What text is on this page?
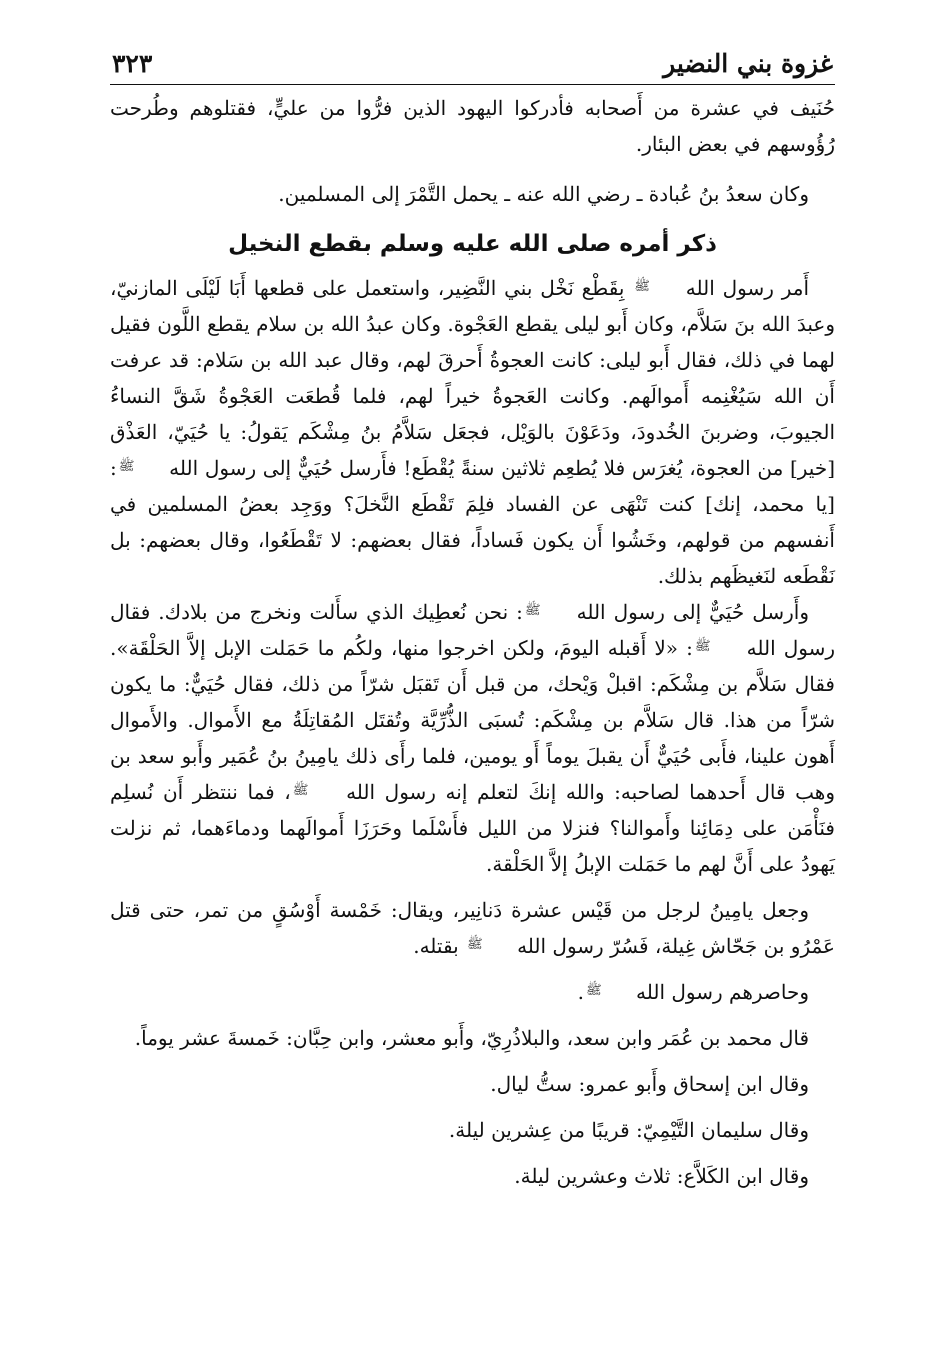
غزوة بني النضير
٣٢٣

حُنَيف في عشرة من أَصحابه فأدركوا اليهود الذين فرُّوا من عليٍّ، فقتلوهم وطُرحت رُؤُوسهم في بعض البئار.

وكان سعدُ بنُ عُبادة ـ رضي الله عنه ـ يحمل التَّمْرَ إلى المسلمين.

ذكر أمره صلى الله عليه وسلم بقطع النخيل

أَمر رسول الله ﷺ بِقَطْع نَخْل بني النَّضِير، واستعمل على قطعها أَبَا لَيْلَى المازنيّ، وعبدَ الله بنَ سَلاَّم، وكان أَبو ليلى يقطع العَجْوة. وكان عبدُ الله بن سلام يقطع اللَّون فقيل لهما في ذلك، فقال أَبو ليلى: كانت العجوةُ أَحرقَ لهم، وقال عبد الله بن سَلام: قد عرفت أَن الله سَيُغْنِمه أَموالَهم. وكانت العَجوةُ خيراً لهم، فلما قُطعَت العَجْوةُ شَقَّ النساءُ الجيوبَ، وضربنَ الخُدودَ، ودَعَوْنَ بالوَيْل، فجعَل سَلاَّمُ بنُ مِشْكَم يَقولُ: يا حُيَيّ، العَذْق [خير] من العجوة، يُغرَس فلا يُطعِم ثلاثين سنةً يُقْطَع! فأَرسل حُيَيٌّ إلى رسول الله ﷺ: [يا محمد، إنك] كنت تَنْهَى عن الفساد فلِمَ تَقْطَع النَّخلَ؟ ووَجِد بعضُ المسلمين في أَنفسهم من قولهم، وخَشُوا أَن يكون فَساداً، فقال بعضهم: لا تَقْطَعُوا، وقال بعضهم: بل نَقْطَعه لنَغيظَهم بذلك.

وأَرسل حُيَيٌّ إلى رسول الله ﷺ: نحن نُعطِيك الذي سأَلت ونخرج من بلادك. فقال رسول الله ﷺ: «لا أَقبله اليومَ، ولكن اخرجوا منها، ولكُم ما حَمَلت الإبل إلاَّ الحَلْقَة». فقال سَلاَّم بن مِشْكَم: اقبلْ وَيْحك، من قبل أَن تَقبَل شرّاً من ذلك، فقال حُيَيٌّ: ما يكون شرّاً من هذا. قال سَلاَّم بن مِشْكَم: تُسبَى الذُّرِّيَّة وتُقتَل المُقاتِلَةُ مع الأَموال. والأَموال أَهون علينا، فأَبى حُيَيٌّ أَن يقبلَ يوماً أَو يومين، فلما رأَى ذلك يامِينُ بنُ عُمَير وأَبو سعد بن وهب قال أَحدهما لصاحبه: والله إنكَ لتعلم إنه رسول الله ﷺ، فما ننتظر أَن نُسلِم فنَأْمَن على دِمَائِنا وأَموالنا؟ فنزلا من الليل فأَسْلَما وحَرَزَا أَموالَهما ودماءَهما، ثم نزلت يَهودُ على أَنَّ لهم ما حَمَلت الإبلُ إلاَّ الحَلْقة.

وجعل يامِينُ لرجل من قَيْس عشرة دَنانِير، ويقال: خَمْسة أَوْسُقٍ من تمر، حتى قتل عَمْرُو بن جَحّاش غِيلة، فَسُرّ رسول الله ﷺ بقتله.

وحاصرهم رسول الله ﷺ.

قال محمد بن عُمَر وابن سعد، والبلاذُرِيّ، وأَبو معشر، وابن حِبَّان: خَمسةَ عشر يوماً.

وقال ابن إسحاق وأَبو عمرو: ستُّ ليال.

وقال سليمان التَّيْمِيّ: قريبًا من عِشرين ليلة.

وقال ابن الكَلاَّع: ثلاث وعشرين ليلة.
